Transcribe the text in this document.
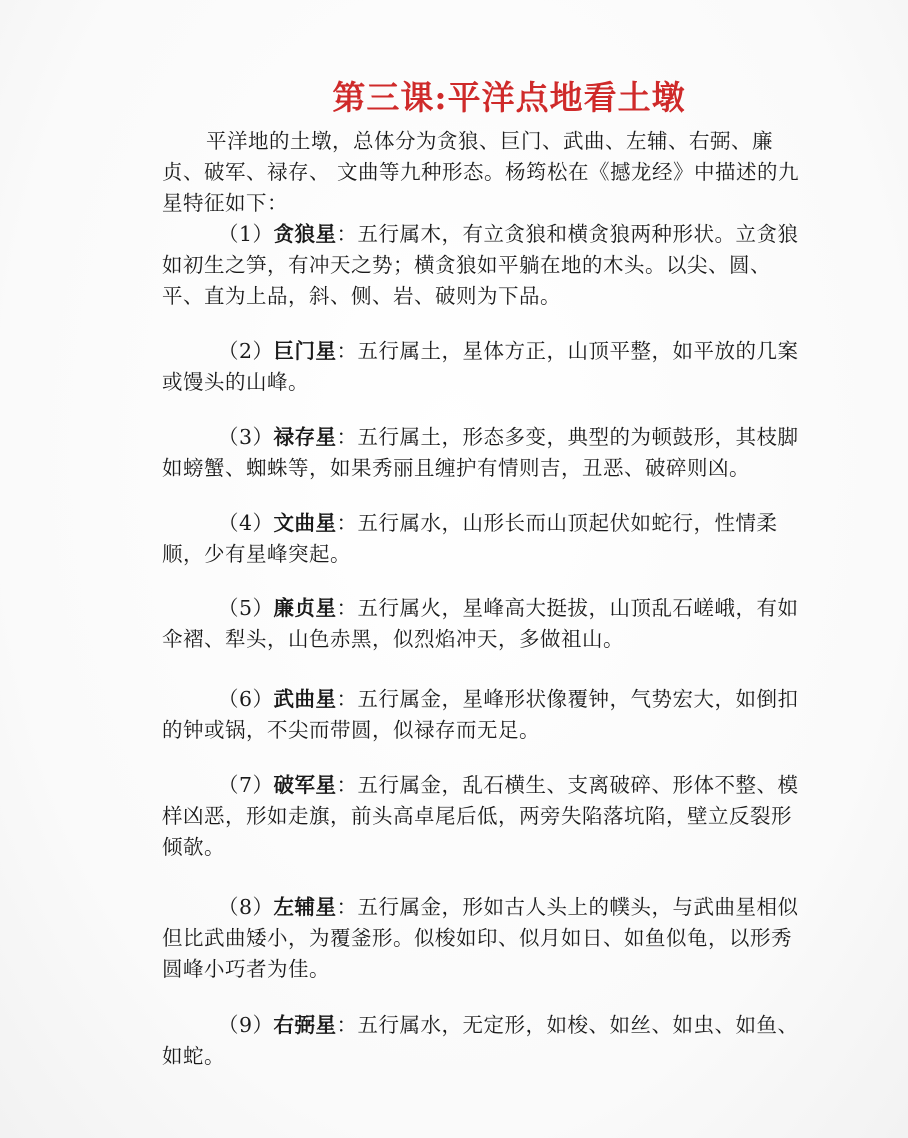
第三课:平洋点地看土墩
平洋地的土墩，总体分为贪狼、巨门、武曲、左辅、右弼、廉贞、破军、禄存、 文曲等九种形态。杨筠松在《撼龙经》中描述的九星特征如下：
（1）贪狼星：五行属木，有立贪狼和横贪狼两种形状。立贪狼如初生之笋，有冲天之势；横贪狼如平躺在地的木头。以尖、圆、平、直为上品，斜、侧、岩、破则为下品。
（2）巨门星：五行属土，星体方正，山顶平整，如平放的几案或馒头的山峰。
（3）禄存星：五行属土，形态多变，典型的为顿鼓形，其枝脚如螃蟹、蜘蛛等，如果秀丽且缠护有情则吉，丑恶、破碎则凶。
（4）文曲星：五行属水，山形长而山顶起伏如蛇行，性情柔顺，少有星峰突起。
（5）廉贞星：五行属火，星峰高大挺拔，山顶乱石嵯峨，有如伞褶、犁头，山色赤黑，似烈焰冲天，多做祖山。
（6）武曲星：五行属金，星峰形状像覆钟，气势宏大，如倒扣的钟或锅，不尖而带圆，似禄存而无足。
（7）破军星：五行属金，乱石横生、支离破碎、形体不整、模样凶恶，形如走旗，前头高卓尾后低，两旁失陷落坑陷，壁立反裂形倾欹。
（8）左辅星：五行属金，形如古人头上的幞头，与武曲星相似但比武曲矮小，为覆釜形。似梭如印、似月如日、如鱼似龟，以形秀圆峰小巧者为佳。
（9）右弼星：五行属水，无定形，如梭、如丝、如虫、如鱼、如蛇。
